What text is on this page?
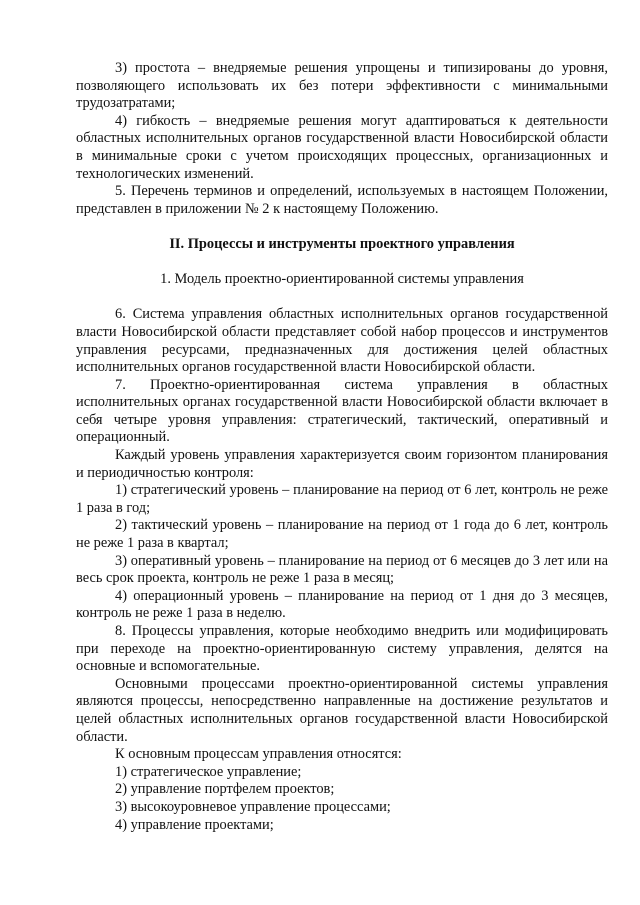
3) простота – внедряемые решения упрощены и типизированы до уровня, позволяющего использовать их без потери эффективности с минимальными трудозатратами;

4) гибкость – внедряемые решения могут адаптироваться к деятельности областных исполнительных органов государственной власти Новосибирской области в минимальные сроки с учетом происходящих процессных, организационных и технологических изменений.

5. Перечень терминов и определений, используемых в настоящем Положении, представлен в приложении № 2 к настоящему Положению.

II. Процессы и инструменты проектного управления

1. Модель проектно-ориентированной системы управления

6. Система управления областных исполнительных органов государственной власти Новосибирской области представляет собой набор процессов и инструментов управления ресурсами, предназначенных для достижения целей областных исполнительных органов государственной власти Новосибирской области.

7. Проектно-ориентированная система управления в областных исполнительных органах государственной власти Новосибирской области включает в себя четыре уровня управления: стратегический, тактический, оперативный и операционный.

Каждый уровень управления характеризуется своим горизонтом планирования и периодичностью контроля:

1) стратегический уровень – планирование на период от 6 лет, контроль не реже 1 раза в год;

2) тактический уровень – планирование на период от 1 года до 6 лет, контроль не реже 1 раза в квартал;

3) оперативный уровень – планирование на период от 6 месяцев до 3 лет или на весь срок проекта, контроль не реже 1 раза в месяц;

4) операционный уровень – планирование на период от 1 дня до 3 месяцев, контроль не реже 1 раза в неделю.

8. Процессы управления, которые необходимо внедрить или модифицировать при переходе на проектно-ориентированную систему управления, делятся на основные и вспомогательные.

Основными процессами проектно-ориентированной системы управления являются процессы, непосредственно направленные на достижение результатов и целей областных исполнительных органов государственной власти Новосибирской области.

К основным процессам управления относятся:

1) стратегическое управление;

2) управление портфелем проектов;

3) высокоуровневое управление процессами;

4) управление проектами;
